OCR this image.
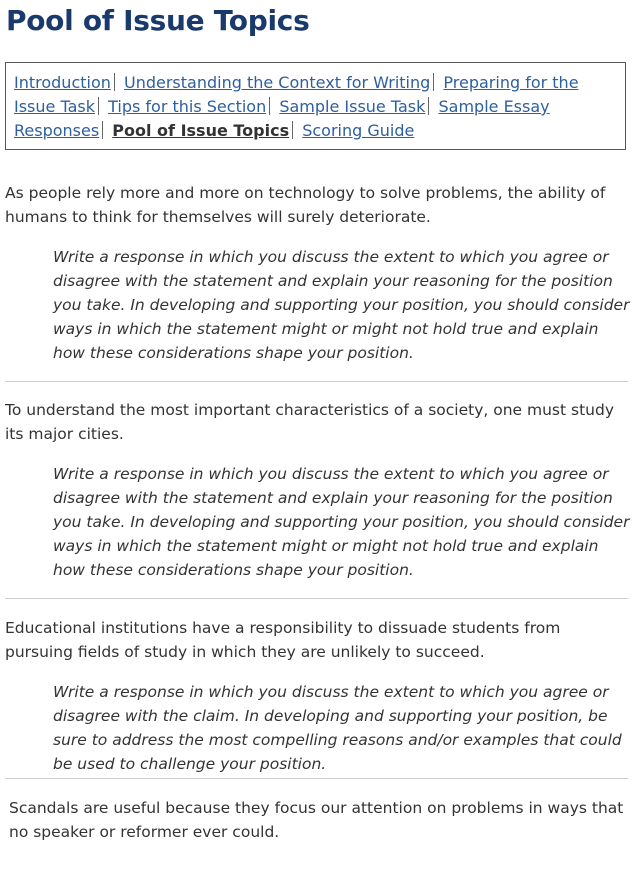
Pool of Issue Topics
Introduction Understanding the Context for Writing Preparing for the Issue Task Tips for this Section Sample Issue Task Sample Essay Responses Pool of Issue Topics Scoring Guide

As people rely more and more on technology to solve problems, the ability of humans to think for themselves will surely deteriorate.

Write a response in which you discuss the extent to which you agree or disagree with the statement and explain your reasoning for the position you take. In developing and supporting your position, you should consider ways in which the statement might or might not hold true and explain how these considerations shape your position.

To understand the most important characteristics of a society, one must study its major cities.

Write a response in which you discuss the extent to which you agree or disagree with the statement and explain your reasoning for the position you take. In developing and supporting your position, you should consider ways in which the statement might or might not hold true and explain how these considerations shape your position.

Educational institutions have a responsibility to dissuade students from pursuing fields of study in which they are unlikely to succeed.

Write a response in which you discuss the extent to which you agree or disagree with the claim. In developing and supporting your position, be sure to address the most compelling reasons and/or examples that could be used to challenge your position.

Scandals are useful because they focus our attention on problems in ways that no speaker or reformer ever could.
